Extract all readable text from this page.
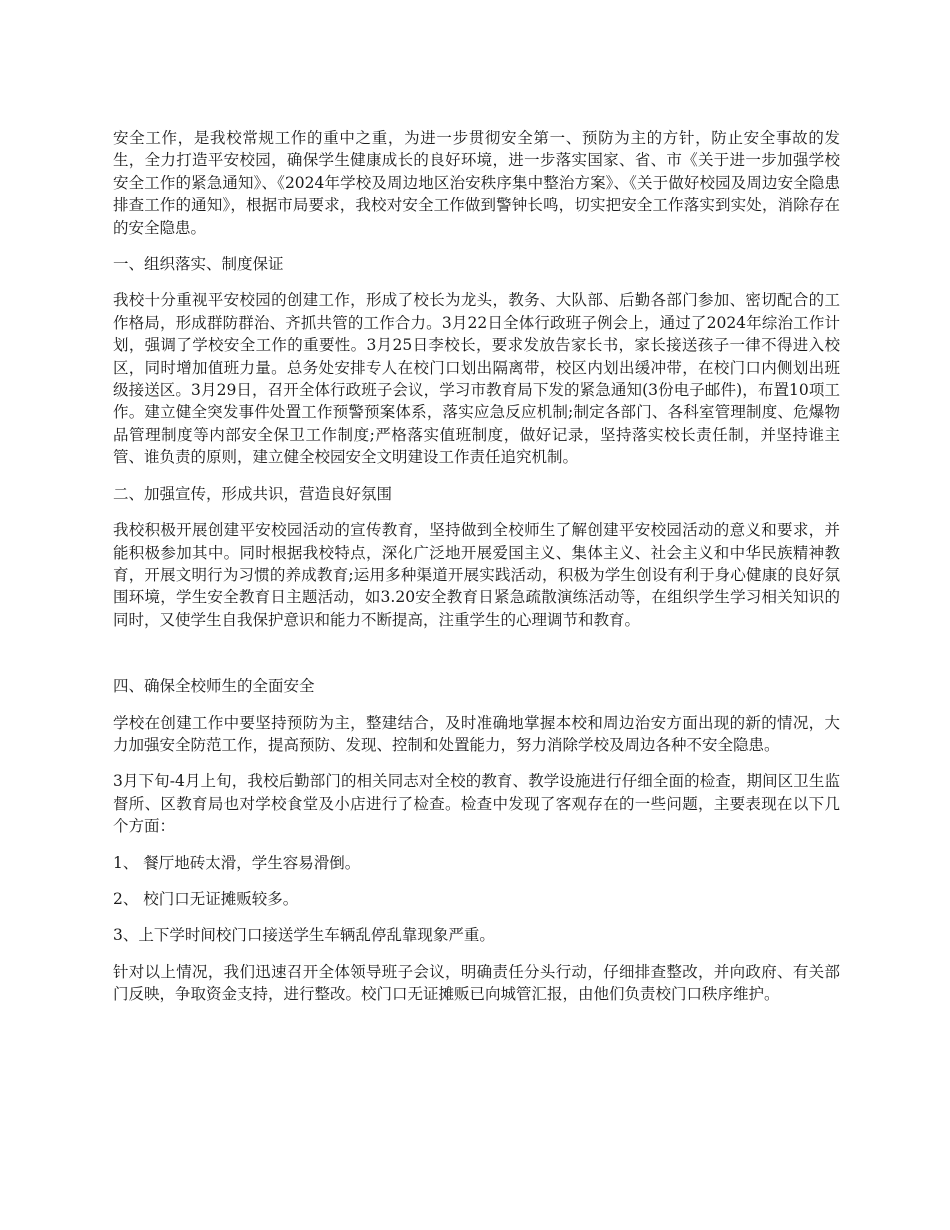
安全工作，是我校常规工作的重中之重，为进一步贯彻安全第一、预防为主的方针，防止安全事故的发生，全力打造平安校园，确保学生健康成长的良好环境，进一步落实国家、省、市《关于进一步加强学校安全工作的紧急通知》、《2024年学校及周边地区治安秩序集中整治方案》、《关于做好校园及周边安全隐患排查工作的通知》，根据市局要求，我校对安全工作做到警钟长鸣，切实把安全工作落实到实处，消除存在的安全隐患。

一、组织落实、制度保证

我校十分重视平安校园的创建工作，形成了校长为龙头，教务、大队部、后勤各部门参加、密切配合的工作格局，形成群防群治、齐抓共管的工作合力。3月22日全体行政班子例会上，通过了2024年综治工作计划，强调了学校安全工作的重要性。3月25日李校长，要求发放告家长书，家长接送孩子一律不得进入校区，同时增加值班力量。总务处安排专人在校门口划出隔离带，校区内划出缓冲带，在校门口内侧划出班级接送区。3月29日，召开全体行政班子会议，学习市教育局下发的紧急通知(3份电子邮件)，布置10项工作。建立健全突发事件处置工作预警预案体系，落实应急反应机制;制定各部门、各科室管理制度、危爆物品管理制度等内部安全保卫工作制度;严格落实值班制度，做好记录，坚持落实校长责任制，并坚持谁主管、谁负责的原则，建立健全校园安全文明建设工作责任追究机制。

二、加强宣传，形成共识，营造良好氛围

我校积极开展创建平安校园活动的宣传教育，坚持做到全校师生了解创建平安校园活动的意义和要求，并能积极参加其中。同时根据我校特点，深化广泛地开展爱国主义、集体主义、社会主义和中华民族精神教育，开展文明行为习惯的养成教育;运用多种渠道开展实践活动，积极为学生创设有利于身心健康的良好氛围环境，学生安全教育日主题活动，如3.20安全教育日紧急疏散演练活动等，在组织学生学习相关知识的同时，又使学生自我保护意识和能力不断提高，注重学生的心理调节和教育。

四、确保全校师生的全面安全

学校在创建工作中要坚持预防为主，整建结合，及时准确地掌握本校和周边治安方面出现的新的情况，大力加强安全防范工作，提高预防、发现、控制和处置能力，努力消除学校及周边各种不安全隐患。

3月下旬-4月上旬，我校后勤部门的相关同志对全校的教育、教学设施进行仔细全面的检查，期间区卫生监督所、区教育局也对学校食堂及小店进行了检查。检查中发现了客观存在的一些问题，主要表现在以下几个方面：

1、 餐厅地砖太滑，学生容易滑倒。

2、 校门口无证摊贩较多。

3、上下学时间校门口接送学生车辆乱停乱靠现象严重。

针对以上情况，我们迅速召开全体领导班子会议，明确责任分头行动，仔细排查整改，并向政府、有关部门反映，争取资金支持，进行整改。校门口无证摊贩已向城管汇报，由他们负责校门口秩序维护。
